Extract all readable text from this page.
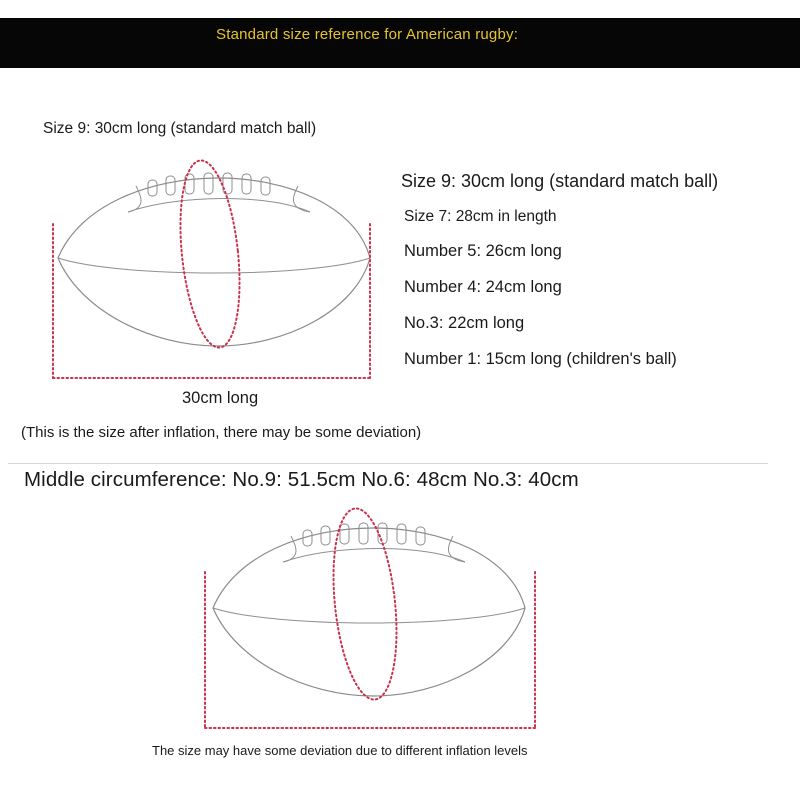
Standard size reference for American rugby:
Size 9: 30cm long (standard match ball)
Size 9: 30cm long (standard match ball)
Size 7: 28cm in length
Number 5: 26cm long
Number 4: 24cm long
No.3: 22cm long
Number 1: 15cm long (children's ball)
30cm long
(This is the size after inflation, there may be some deviation)
Middle circumference: No.9: 51.5cm No.6: 48cm No.3: 40cm
The size may have some deviation due to different inflation levels
